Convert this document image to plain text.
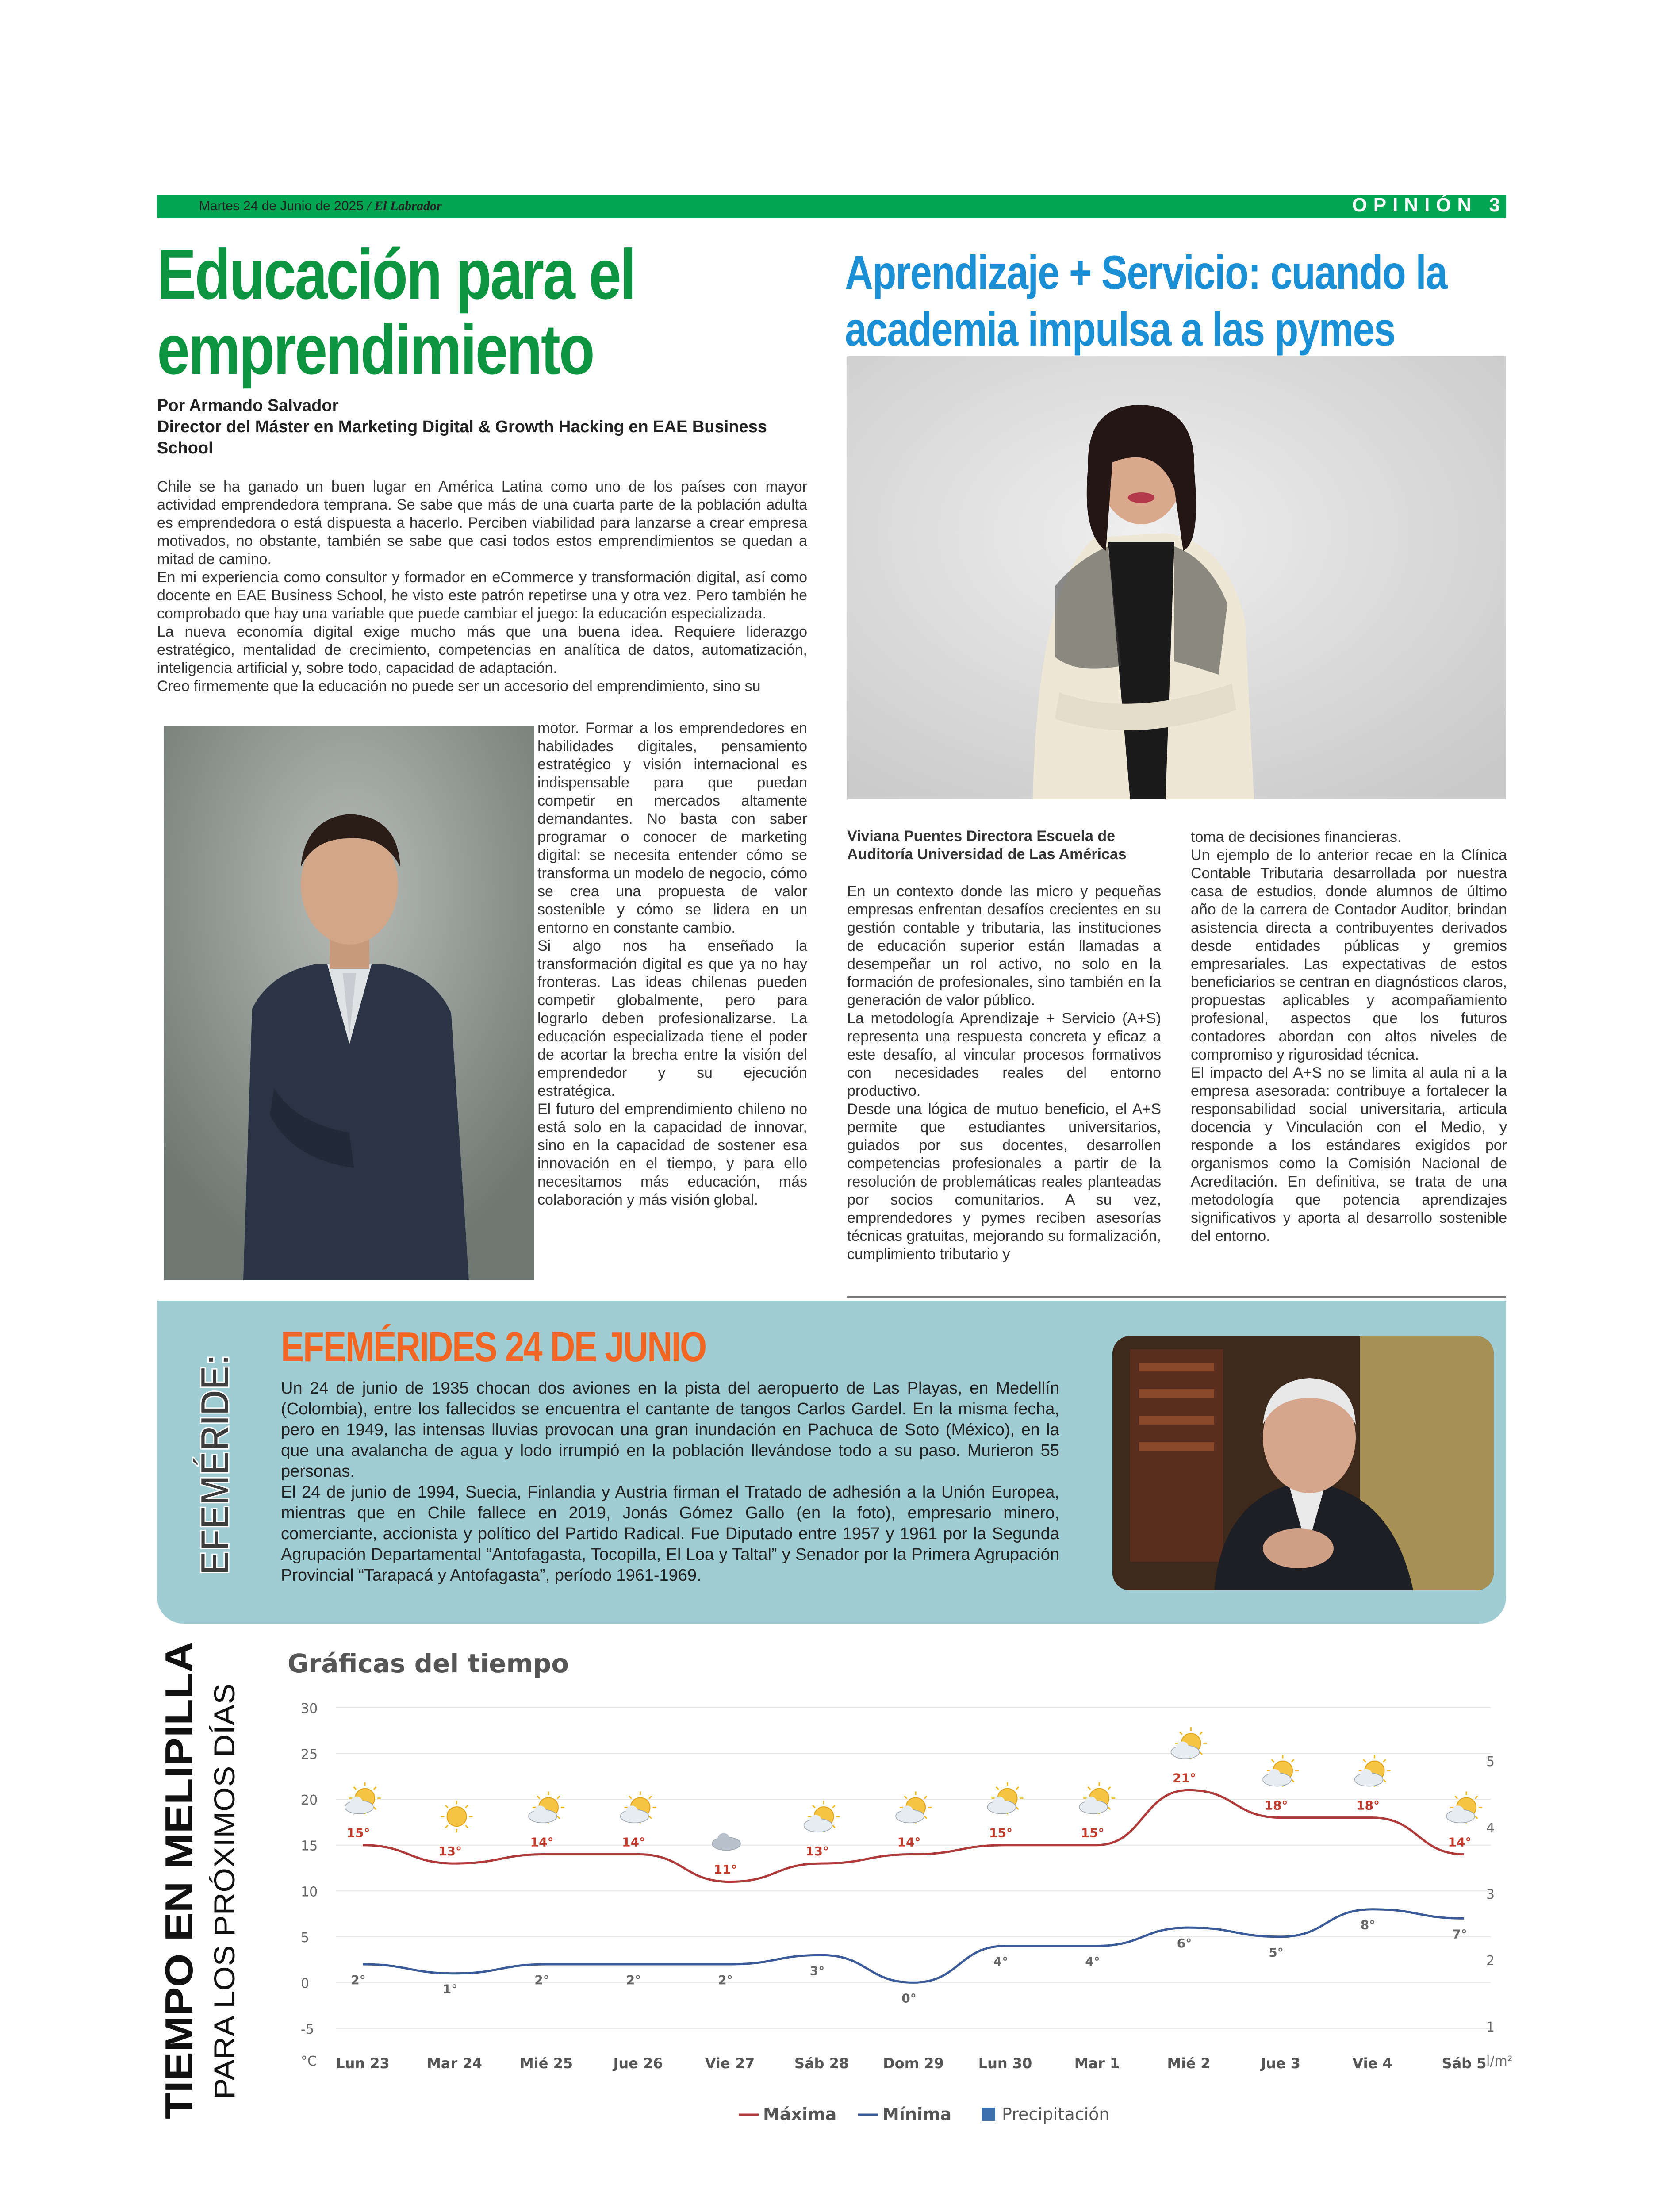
Martes 24 de Junio de 2025 / El Labrador	OPINIÓN 3
Educación para el emprendimiento
Por Armando Salvador
Director del Máster en Marketing Digital & Growth Hacking en EAE Business School

Chile se ha ganado un buen lugar en América Latina como uno de los países con mayor actividad emprendedora temprana. Se sabe que más de una cuarta parte de la población adulta es emprendedora o está dispuesta a hacerlo. Perciben viabilidad para lanzarse a crear empresa motivados, no obstante, también se sabe que casi todos estos emprendimientos se quedan a mitad de camino.

En mi experiencia como consultor y formador en eCommerce y transformación digital, así como docente en EAE Business School, he visto este patrón repetirse una y otra vez. Pero también he comprobado que hay una variable que puede cambiar el juego: la educación especializada.

La nueva economía digital exige mucho más que una buena idea. Requiere liderazgo estratégico, mentalidad de crecimiento, competencias en analítica de datos, automatización, inteligencia artificial y, sobre todo, capacidad de adaptación.

Creo firmemente que la educación no puede ser un accesorio del emprendimiento, sino su

motor. Formar a los emprendedores en habilidades digitales, pensamiento estratégico y visión internacional es indispensable para que puedan competir en mercados altamente demandantes. No basta con saber programar o conocer de marketing digital: se necesita entender cómo se transforma un modelo de negocio, cómo se crea una propuesta de valor sostenible y cómo se lidera en un entorno en constante cambio.

Si algo nos ha enseñado la transformación digital es que ya no hay fronteras. Las ideas chilenas pueden competir globalmente, pero para lograrlo deben profesionalizarse. La educación especializada tiene el poder de acortar la brecha entre la visión del emprendedor y su ejecución estratégica.

El futuro del emprendimiento chileno no está solo en la capacidad de innovar, sino en la capacidad de sostener esa innovación en el tiempo, y para ello necesitamos más educación, más colaboración y más visión global.

Aprendizaje + Servicio: cuando la academia impulsa a las pymes
Viviana Puentes Directora Escuela de Auditoría Universidad de Las Américas

En un contexto donde las micro y pequeñas empresas enfrentan desafíos crecientes en su gestión contable y tributaria, las instituciones de educación superior están llamadas a desempeñar un rol activo, no solo en la formación de profesionales, sino también en la generación de valor público.

La metodología Aprendizaje + Servicio (A+S) representa una respuesta concreta y eficaz a este desafío, al vincular procesos formativos con necesidades reales del entorno productivo.

Desde una lógica de mutuo beneficio, el A+S permite que estudiantes universitarios, guiados por sus docentes, desarrollen competencias profesionales a partir de la resolución de problemáticas reales planteadas por socios comunitarios. A su vez, emprendedores y pymes reciben asesorías técnicas gratuitas, mejorando su formalización, cumplimiento tributario y

toma de decisiones financieras.

Un ejemplo de lo anterior recae en la Clínica Contable Tributaria desarrollada por nuestra casa de estudios, donde alumnos de último año de la carrera de Contador Auditor, brindan asistencia directa a contribuyentes derivados desde entidades públicas y gremios empresariales. Las expectativas de estos beneficiarios se centran en diagnósticos claros, propuestas aplicables y acompañamiento profesional, aspectos que los futuros contadores abordan con altos niveles de compromiso y rigurosidad técnica.

El impacto del A+S no se limita al aula ni a la empresa asesorada: contribuye a fortalecer la responsabilidad social universitaria, articula docencia y Vinculación con el Medio, y responde a los estándares exigidos por organismos como la Comisión Nacional de Acreditación. En definitiva, se trata de una metodología que potencia aprendizajes significativos y aporta al desarrollo sostenible del entorno.

EFEMÉRIDE: EFEMÉRIDES 24 DE JUNIO

Un 24 de junio de 1935 chocan dos aviones en la pista del aeropuerto de Las Playas, en Medellín (Colombia), entre los fallecidos se encuentra el cantante de tangos Carlos Gardel. En la misma fecha, pero en 1949, las intensas lluvias provocan una gran inundación en Pachuca de Soto (México), en la que una avalancha de agua y lodo irrumpió en la población llevándose todo a su paso. Murieron 55 personas.

El 24 de junio de 1994, Suecia, Finlandia y Austria firman el Tratado de adhesión a la Unión Europea, mientras que en Chile fallece en 2019, Jonás Gómez Gallo (en la foto), empresario minero, comerciante, accionista y político del Partido Radical. Fue Diputado entre 1957 y 1961 por la Segunda Agrupación Departamental “Antofagasta, Tocopilla, El Loa y Taltal” y Senador por la Primera Agrupación Provincial “Tarapacá y Antofagasta”, período 1961-1969.

TIEMPO EN MELIPILLA PARA LOS PRÓXIMOS DÍAS
Gráficas del tiempo
30
25
20
15
10
5
0
-5
°C
5
4
3
2
1
l/m²
15°
13°
14°	14°
11°
13°
14°
15°	15°
21°
18°	18°
14°
2°
1°
2°	2°	2°
3°
0°
4°	4°
6°
5°
8°
7°
Lun 23	Mar 24	Mié 25	Jue 26	Vie 27	Sáb 28 Dom 29 Lun 30	Mar 1	Mié 2	Jue 3	Vie 4	Sáb 5
Máxima	Mínima	Precipitación
